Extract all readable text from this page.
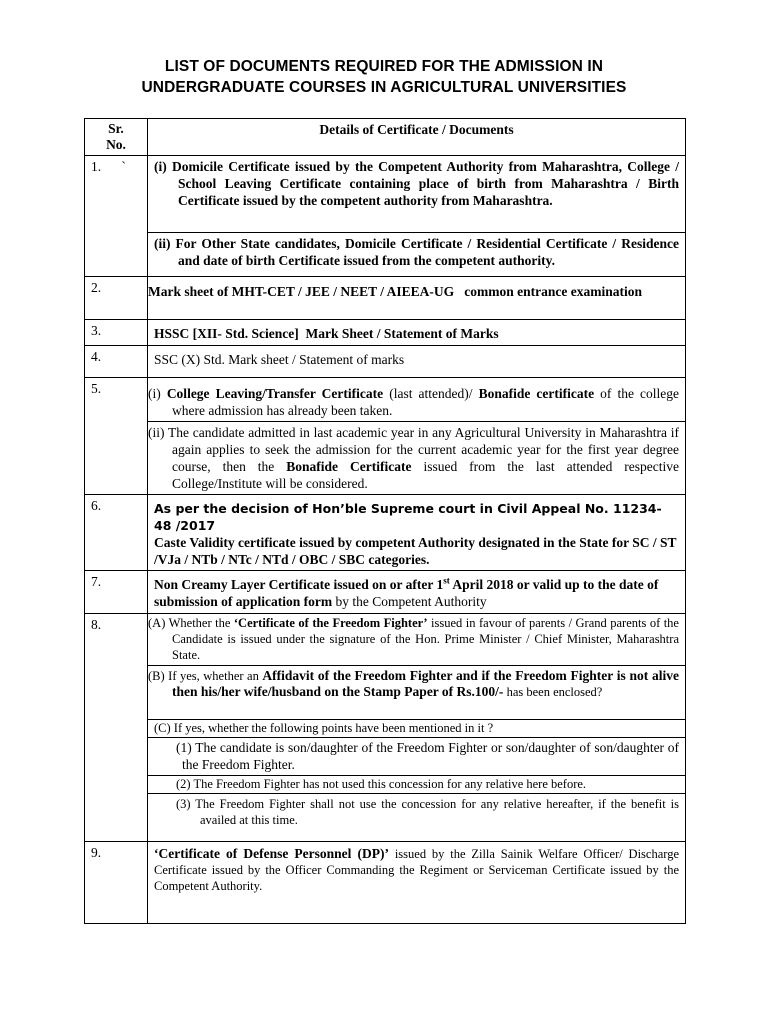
LIST OF DOCUMENTS REQUIRED FOR THE ADMISSION IN
UNDERGRADUATE COURSES IN AGRICULTURAL UNIVERSITIES
Sr.
No.	Details of Certificate / Documents
1.      `	(i) Domicile Certificate issued by the Competent Authority from Maharashtra, College / School Leaving Certificate containing place of birth from Maharashtra / Birth Certificate issued by the competent authority from Maharashtra.
	(ii) For Other State candidates, Domicile Certificate / Residential Certificate / Residence and date of birth Certificate issued from the competent authority.
2.	Mark sheet of MHT-CET / JEE / NEET / AIEEA-UG   common entrance examination
3.	HSSC [XII- Std. Science]  Mark Sheet / Statement of Marks
4.	SSC (X) Std. Mark sheet / Statement of marks
5.	(i) College Leaving/Transfer Certificate (last attended)/ Bonafide certificate of the college where admission has already been taken.
	(ii) The candidate admitted in last academic year in any Agricultural University in Maharashtra if again applies to seek the admission for the current academic year for the first year degree course, then the Bonafide Certificate issued from the last attended respective College/Institute will be considered.
6.	As per the decision of Hon’ble Supreme court in Civil Appeal No. 11234-48 /2017
Caste Validity certificate issued by competent Authority designated in the State for SC / ST /VJa / NTb / NTc / NTd / OBC / SBC categories.

7.	Non Creamy Layer Certificate issued on or after 1st April 2018 or valid up to the date of submission of application form by the Competent Authority
8.	(A) Whether the ‘Certificate of the Freedom Fighter’ issued in favour of parents / Grand parents of the Candidate is issued under the signature of the Hon. Prime Minister / Chief Minister, Maharashtra State.
	(B) If yes, whether an Affidavit of the Freedom Fighter and if the Freedom Fighter is not alive then his/her wife/husband on the Stamp Paper of Rs.100/- has been enclosed?
	(C) If yes, whether the following points have been mentioned in it ?
	(1) The candidate is son/daughter of the Freedom Fighter or son/daughter of son/daughter of the Freedom Fighter.
	(2) The Freedom Fighter has not used this concession for any relative here before.
	(3) The Freedom Fighter shall not use the concession for any relative hereafter, if the benefit is availed at this time.
9.	‘Certificate of Defense Personnel (DP)’ issued by the Zilla Sainik Welfare Officer/ Discharge Certificate issued by the Officer Commanding the Regiment or Serviceman Certificate issued by the Competent Authority.
